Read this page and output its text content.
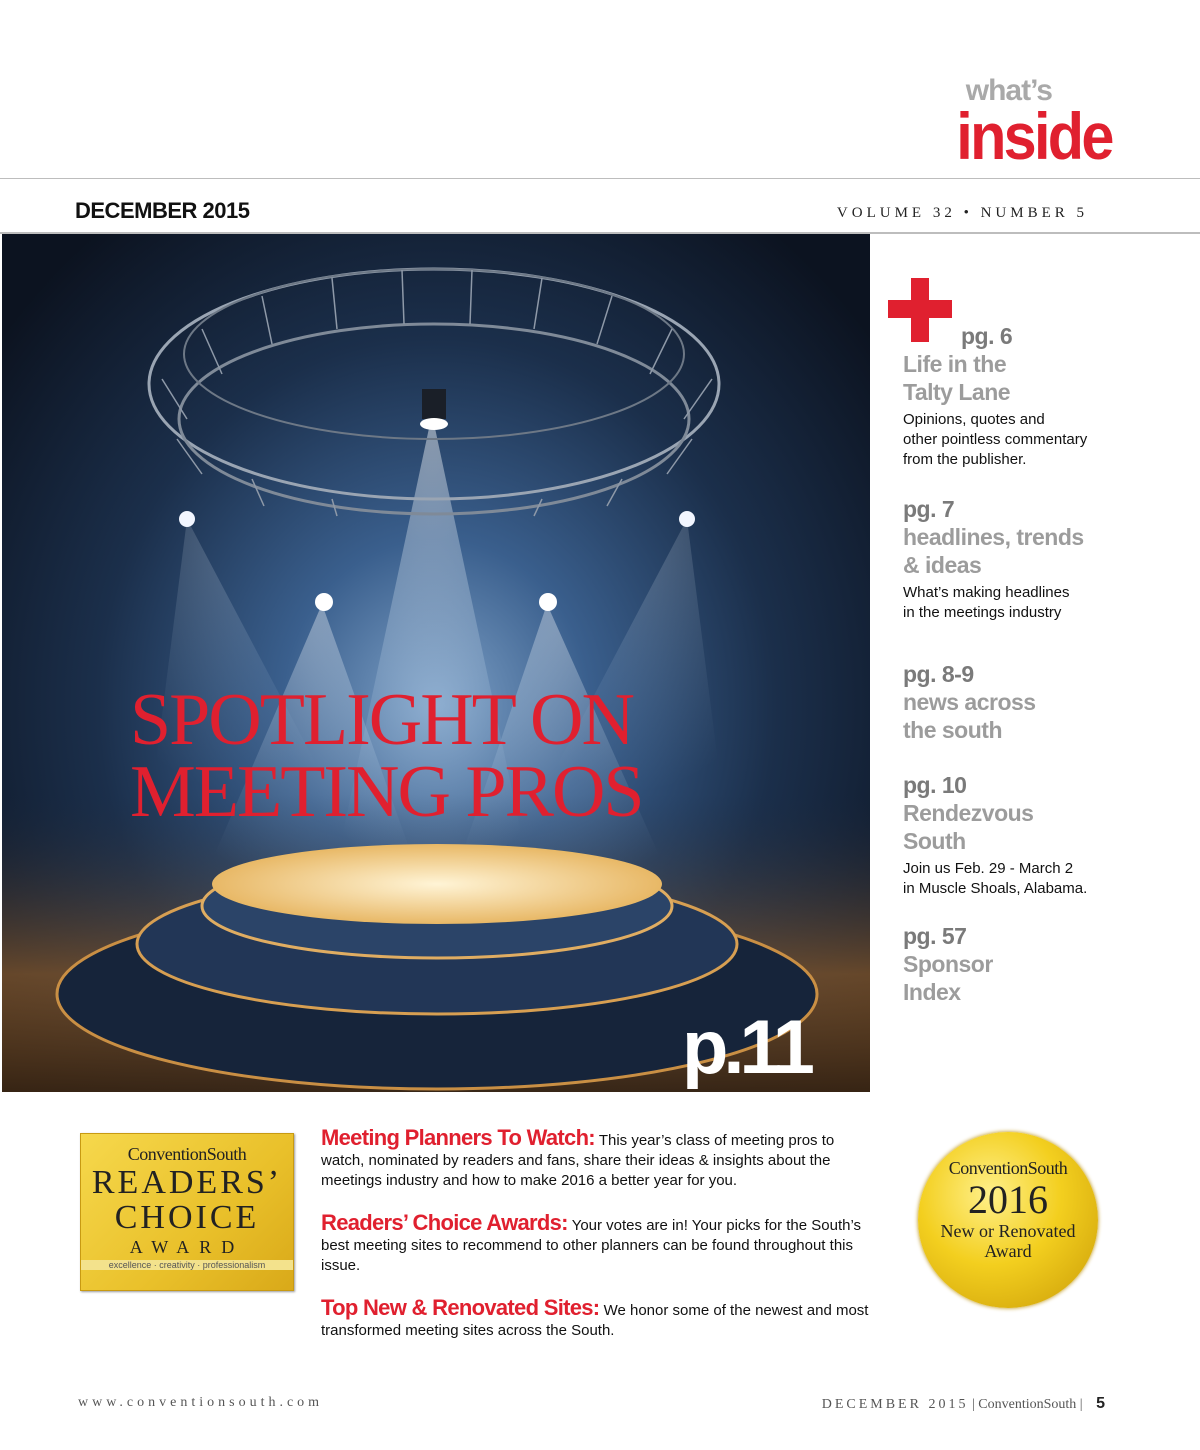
what’s
inside
DECEMBER 2015	VOLUME 32 • NUMBER 5
SPOTLIGHT ON
MEETING PROS
p.11
pg. 6
Life in the
Talty Lane
Opinions, quotes and
other pointless commentary
from the publisher.
pg. 7
headlines, trends
& ideas
What’s making headlines
in the meetings industry
pg. 8-9
news across
the south
pg. 10
Rendezvous
South
Join us Feb. 29 - March 2
in Muscle Shoals, Alabama.
pg. 57
Sponsor
Index
ConventionSouth
READERS’
CHOICE
AWARD
excellence · creativity · professionalism
Meeting Planners To Watch: This year’s class of meeting pros to watch, nominated by readers and fans, share their ideas & insights about the meetings industry and how to make 2016 a better year for you.
Readers’ Choice Awards: Your votes are in! Your picks for the South’s best meeting sites to recommend to other planners can be found throughout this issue.
Top New & Renovated Sites: We honor some of the newest and most transformed meeting sites across the South.
ConventionSouth
2016
New or Renovated
Award
www.conventionsouth.com	DECEMBER 2015 | ConventionSouth | 5
